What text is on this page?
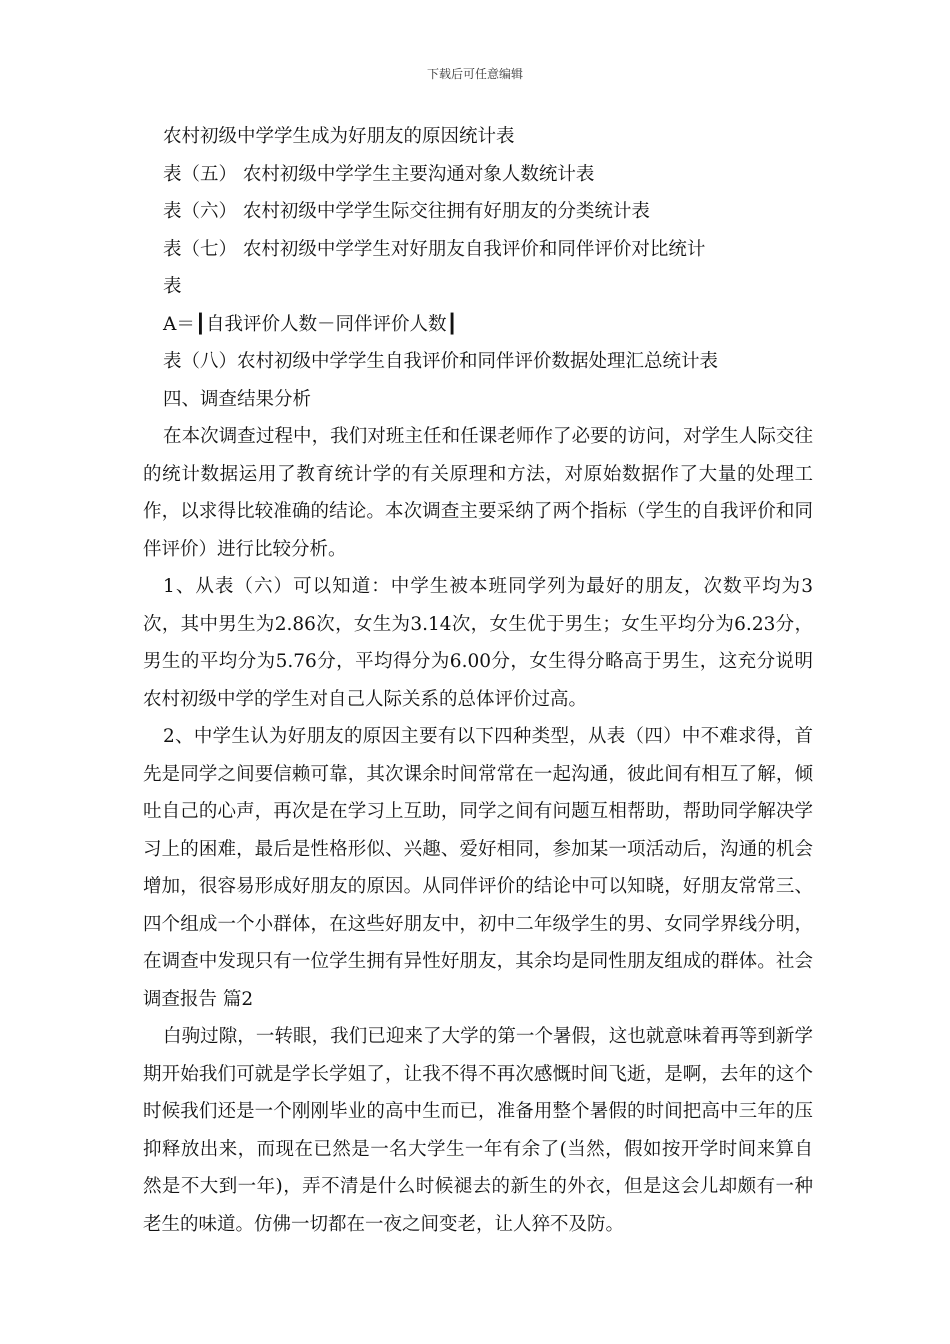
下载后可任意编辑

农村初级中学学生成为好朋友的原因统计表

表（五） 农村初级中学学生主要沟通对象人数统计表

表（六） 农村初级中学学生际交往拥有好朋友的分类统计表

表（七） 农村初级中学学生对好朋友自我评价和同伴评价对比统计

表

A＝┃自我评价人数－同伴评价人数┃

表（八）农村初级中学学生自我评价和同伴评价数据处理汇总统计表

四、调查结果分析

在本次调查过程中，我们对班主任和任课老师作了必要的访问，对学生人际交往的统计数据运用了教育统计学的有关原理和方法，对原始数据作了大量的处理工作，以求得比较准确的结论。本次调查主要采纳了两个指标（学生的自我评价和同伴评价）进行比较分析。

1、从表（六）可以知道：中学生被本班同学列为最好的朋友，次数平均为3次，其中男生为2.86次，女生为3.14次，女生优于男生；女生平均分为6.23分，男生的平均分为5.76分，平均得分为6.00分，女生得分略高于男生，这充分说明农村初级中学的学生对自己人际关系的总体评价过高。

2、中学生认为好朋友的原因主要有以下四种类型，从表（四）中不难求得，首先是同学之间要信赖可靠，其次课余时间常常在一起沟通，彼此间有相互了解，倾吐自己的心声，再次是在学习上互助，同学之间有问题互相帮助，帮助同学解决学习上的困难，最后是性格形似、兴趣、爱好相同，参加某一项活动后，沟通的机会增加，很容易形成好朋友的原因。从同伴评价的结论中可以知晓，好朋友常常三、四个组成一个小群体，在这些好朋友中，初中二年级学生的男、女同学界线分明，在调查中发现只有一位学生拥有异性好朋友，其余均是同性朋友组成的群体。社会调查报告 篇2

白驹过隙，一转眼，我们已迎来了大学的第一个暑假，这也就意味着再等到新学期开始我们可就是学长学姐了，让我不得不再次感慨时间飞逝，是啊，去年的这个时候我们还是一个刚刚毕业的高中生而已，准备用整个暑假的时间把高中三年的压抑释放出来，而现在已然是一名大学生一年有余了(当然，假如按开学时间来算自然是不大到一年)，弄不清是什么时候褪去的新生的外衣，但是这会儿却颇有一种老生的味道。仿佛一切都在一夜之间变老，让人猝不及防。
